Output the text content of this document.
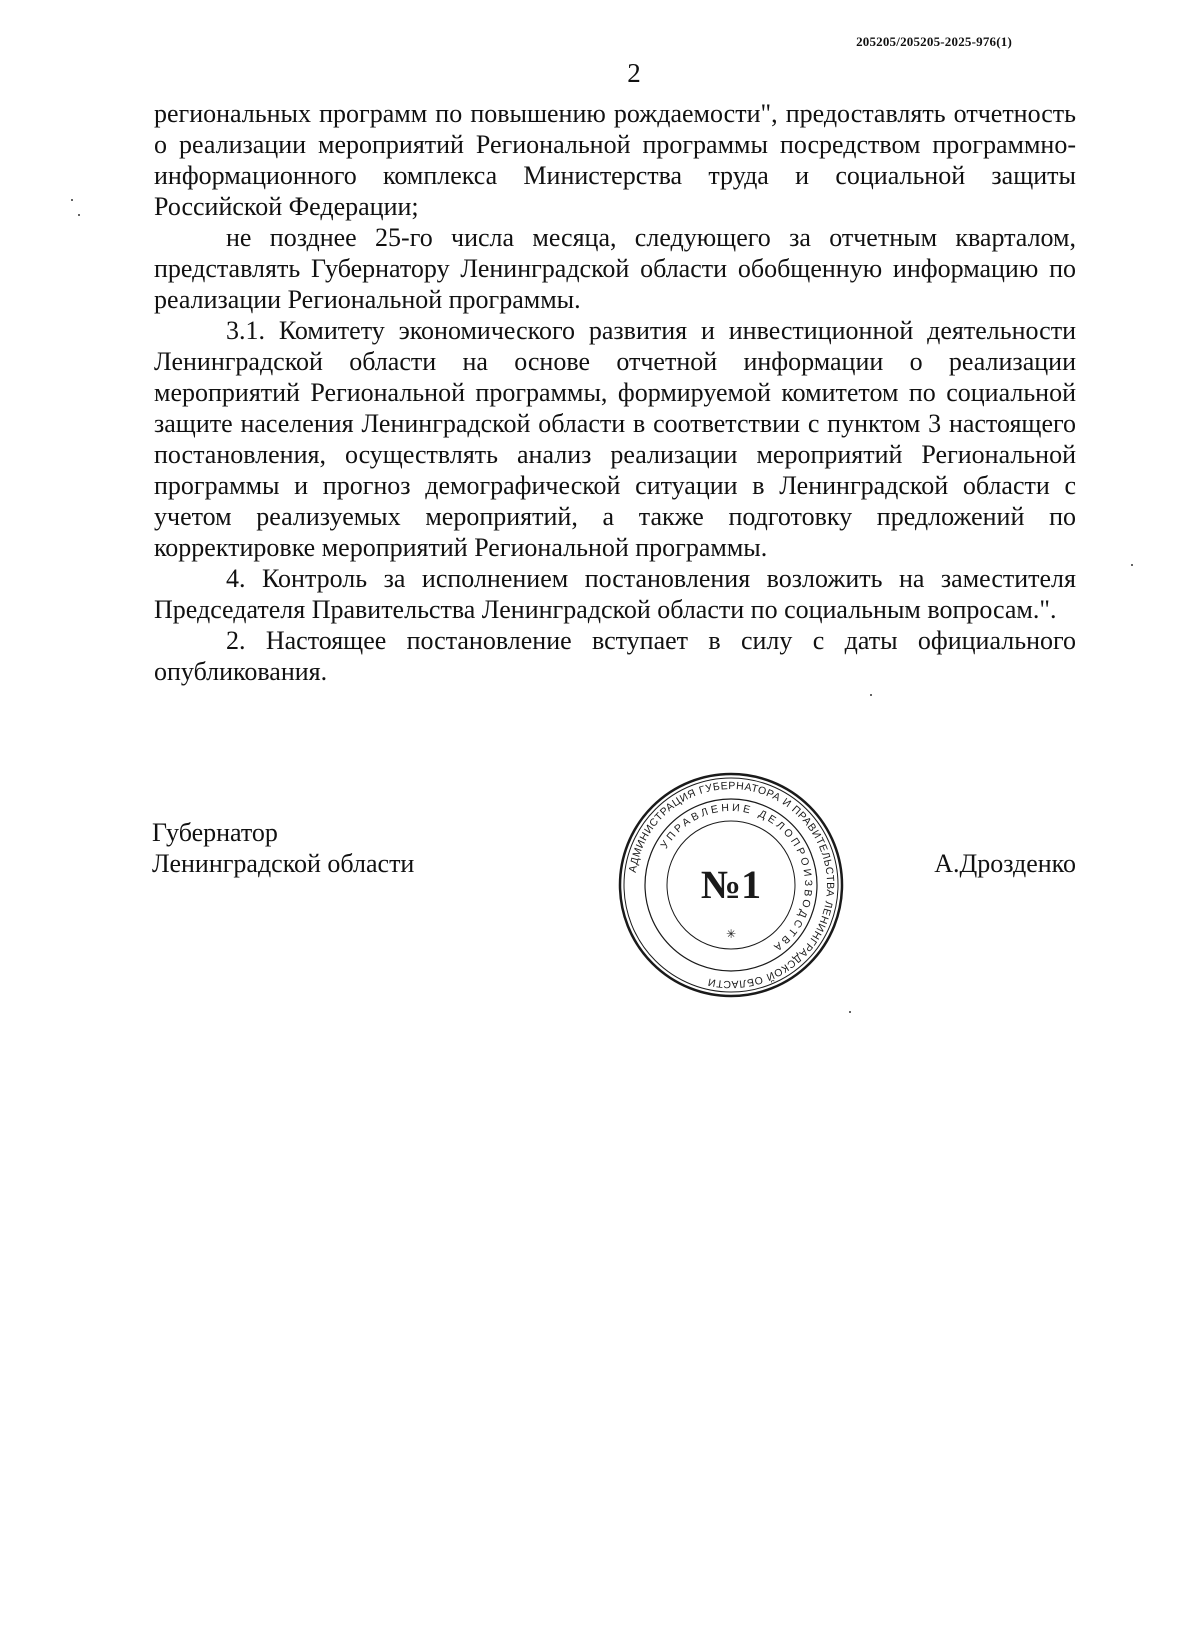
205205/205205-2025-976(1)
2

региональных программ по повышению рождаемости", предоставлять отчетность о реализации мероприятий Региональной программы посредством программно-информационного комплекса Министерства труда и социальной защиты Российской Федерации;

не позднее 25-го числа месяца, следующего за отчетным кварталом, представлять Губернатору Ленинградской области обобщенную информацию по реализации Региональной программы.

3.1. Комитету экономического развития и инвестиционной деятельности Ленинградской области на основе отчетной информации о реализации мероприятий Региональной программы, формируемой комитетом по социальной защите населения Ленинградской области в соответствии с пунктом 3 настоящего постановления, осуществлять анализ реализации мероприятий Региональной программы и прогноз демографической ситуации в Ленинградской области с учетом реализуемых мероприятий, а также подготовку предложений по корректировке мероприятий Региональной программы.

4. Контроль за исполнением постановления возложить на заместителя Председателя Правительства Ленинградской области по социальным вопросам.".

2. Настоящее постановление вступает в силу с даты официального опубликования.

Губернатор
Ленинградской области	А.Дрозденко
АДМИНИСТРАЦИЯ ГУБЕРНАТОРА И ПРАВИТЕЛЬСТВА ЛЕНИНГРАДСКОЙ ОБЛАСТИ
УПРАВЛЕНИЕ ДЕЛОПРОИЗВОДСТВА
№1
✳
